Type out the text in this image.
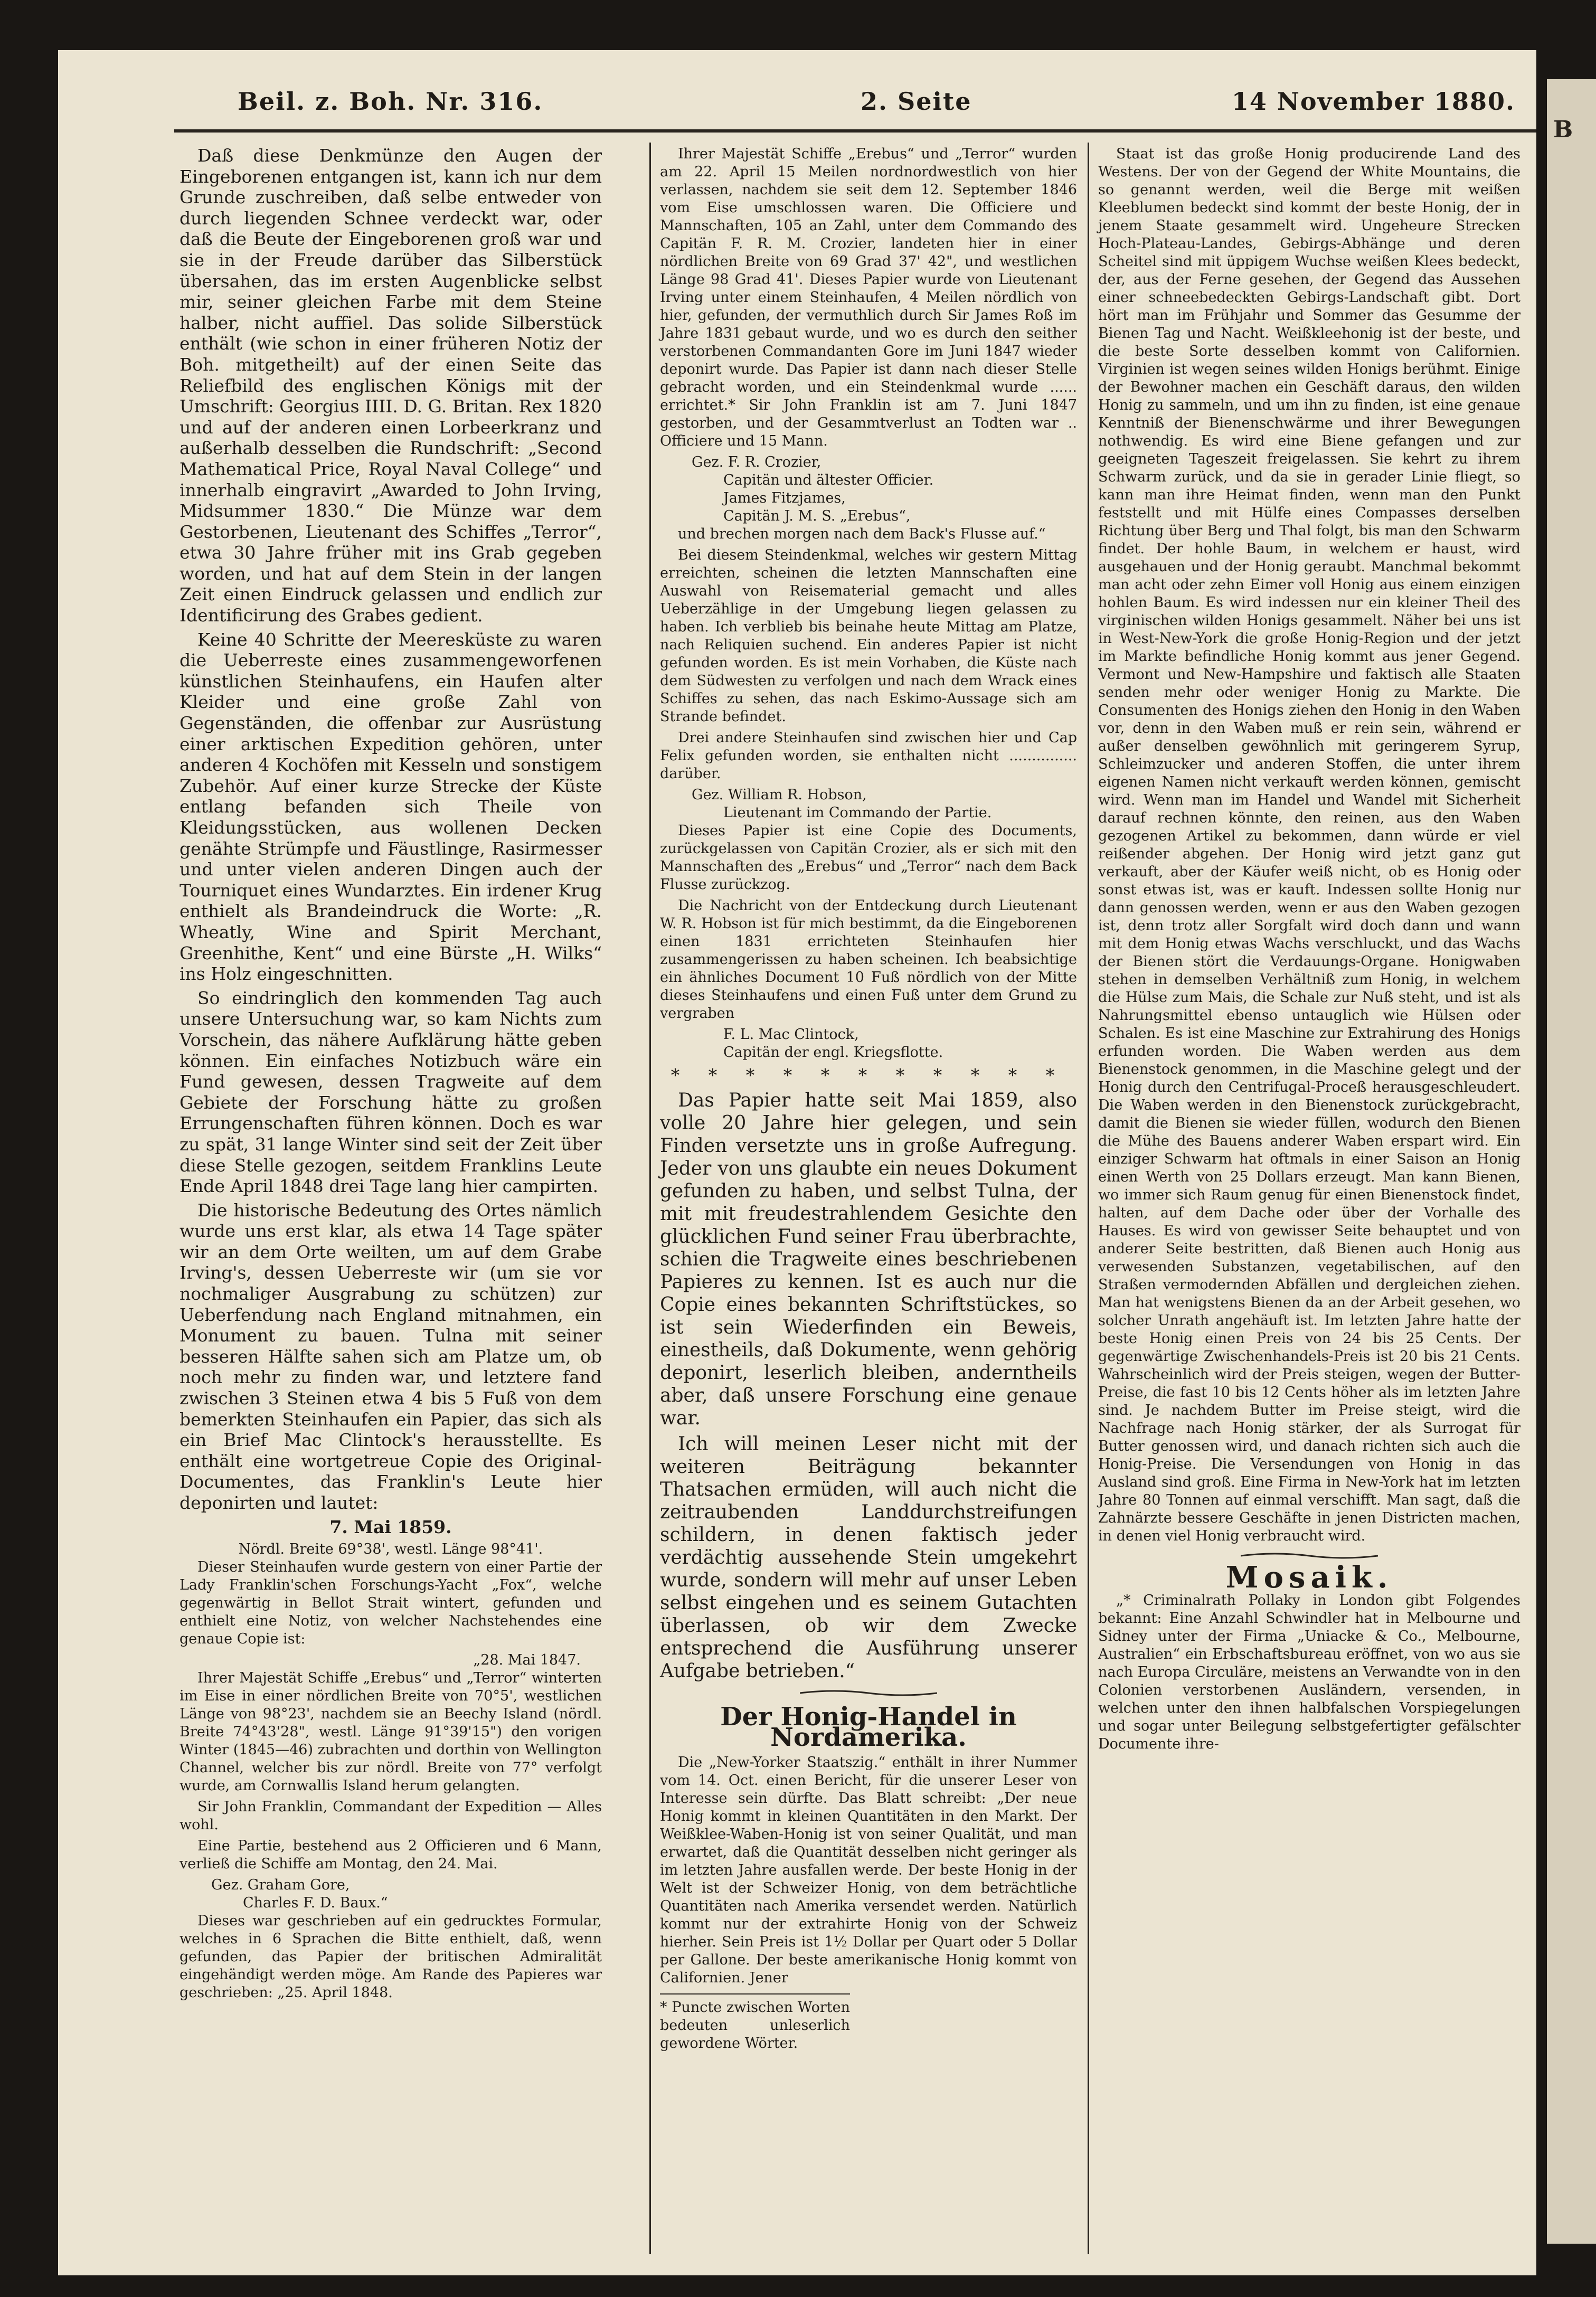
Beil. z. Boh. Nr. 316.	2. Seite	14 November 1880.

Daß diese Denkmünze den Augen der Eingeborenen entgangen ist, kann ich nur dem Grunde zuschreiben, daß selbe entweder von durch liegenden Schnee verdeckt war, oder daß die Beute der Eingeborenen groß war und sie in der Freude darüber das Silberstück übersahen, das im ersten Augenblicke selbst mir, seiner gleichen Farbe mit dem Steine halber, nicht auffiel. Das solide Silberstück enthält (wie schon in einer früheren Notiz der Boh. mitgetheilt) auf der einen Seite das Reliefbild des englischen Königs mit der Umschrift: Georgius IIII. D. G. Britan. Rex 1820 und auf der anderen einen Lorbeerkranz und außerhalb desselben die Rundschrift: „Second Mathematical Price, Royal Naval College“ und innerhalb eingravirt „Awarded to John Irving, Midsummer 1830.“ Die Münze war dem Gestorbenen, Lieutenant des Schiffes „Terror“, etwa 30 Jahre früher mit ins Grab gegeben worden, und hat auf dem Stein in der langen Zeit einen Eindruck gelassen und endlich zur Identificirung des Grabes gedient.

Keine 40 Schritte der Meeresküste zu waren die Ueberreste eines zusammengeworfenen künstlichen Steinhaufens, ein Haufen alter Kleider und eine große Zahl von Gegenständen, die offenbar zur Ausrüstung einer arktischen Expedition gehören, unter anderen 4 Kochöfen mit Kesseln und sonstigem Zubehör. Auf einer kurze Strecke der Küste entlang befanden sich Theile von Kleidungsstücken, aus wollenen Decken genähte Strümpfe und Fäustlinge, Rasirmesser und unter vielen anderen Dingen auch der Tourniquet eines Wundarztes. Ein irdener Krug enthielt als Brandeindruck die Worte: „R. Wheatly, Wine and Spirit Merchant, Greenhithe, Kent“ und eine Bürste „H. Wilks“ ins Holz eingeschnitten.

So eindringlich den kommenden Tag auch unsere Untersuchung war, so kam Nichts zum Vorschein, das nähere Aufklärung hätte geben können. Ein einfaches Notizbuch wäre ein Fund gewesen, dessen Tragweite auf dem Gebiete der Forschung hätte zu großen Errungenschaften führen können. Doch es war zu spät, 31 lange Winter sind seit der Zeit über diese Stelle gezogen, seitdem Franklins Leute Ende April 1848 drei Tage lang hier campirten.

Die historische Bedeutung des Ortes nämlich wurde uns erst klar, als etwa 14 Tage später wir an dem Orte weilten, um auf dem Grabe Irving's, dessen Ueberreste wir (um sie vor nochmaliger Ausgrabung zu schützen) zur Ueberfendung nach England mitnahmen, ein Monument zu bauen. Tulna mit seiner besseren Hälfte sahen sich am Platze um, ob noch mehr zu finden war, und letztere fand zwischen 3 Steinen etwa 4 bis 5 Fuß von dem bemerkten Steinhaufen ein Papier, das sich als ein Brief Mac Clintock's herausstellte. Es enthält eine wortgetreue Copie des Original-Documentes, das Franklin's Leute hier deponirten und lautet:

7. Mai 1859.
Nördl. Breite 69°38', westl. Länge 98°41'.

Dieser Steinhaufen wurde gestern von einer Partie der Lady Franklin'schen Forschungs-Yacht „Fox“, welche gegenwärtig in Bellot Strait wintert, gefunden und enthielt eine Notiz, von welcher Nachstehendes eine genaue Copie ist:

„28. Mai 1847.

Ihrer Majestät Schiffe „Erebus“ und „Terror“ winterten im Eise in einer nördlichen Breite von 70°5', westlichen Länge von 98°23', nachdem sie an Beechy Island (nördl. Breite 74°43'28", westl. Länge 91°39'15") den vorigen Winter (1845—46) zubrachten und dorthin von Wellington Channel, welcher bis zur nördl. Breite von 77° verfolgt wurde, am Cornwallis Island herum gelangten.

Sir John Franklin, Commandant der Expedition — Alles wohl.

Eine Partie, bestehend aus 2 Officieren und 6 Mann, verließ die Schiffe am Montag, den 24. Mai.

Gez. Graham Gore,
Charles F. D. Baux.“

Dieses war geschrieben auf ein gedrucktes Formular, welches in 6 Sprachen die Bitte enthielt, daß, wenn gefunden, das Papier der britischen Admiralität eingehändigt werden möge. Am Rande des Papieres war geschrieben: „25. April 1848.

Ihrer Majestät Schiffe „Erebus“ und „Terror“ wurden am 22. April 15 Meilen nordnordwestlich von hier verlassen, nachdem sie seit dem 12. September 1846 vom Eise umschlossen waren. Die Officiere und Mannschaften, 105 an Zahl, unter dem Commando des Capitän F. R. M. Crozier, landeten hier in einer nördlichen Breite von 69 Grad 37' 42", und westlichen Länge 98 Grad 41'. Dieses Papier wurde von Lieutenant Irving unter einem Steinhaufen, 4 Meilen nördlich von hier, gefunden, der vermuthlich durch Sir James Roß im Jahre 1831 gebaut wurde, und wo es durch den seither verstorbenen Commandanten Gore im Juni 1847 wieder deponirt wurde. Das Papier ist dann nach dieser Stelle gebracht worden, und ein Steindenkmal wurde ...... errichtet.* Sir John Franklin ist am 7. Juni 1847 gestorben, und der Gesammtverlust an Todten war .. Officiere und 15 Mann.

Gez. F. R. Crozier,
Capitän und ältester Officier.
James Fitzjames,
Capitän J. M. S. „Erebus“,

und brechen morgen nach dem Back's Flusse auf.“

Bei diesem Steindenkmal, welches wir gestern Mittag erreichten, scheinen die letzten Mannschaften eine Auswahl von Reisematerial gemacht und alles Ueberzählige in der Umgebung liegen gelassen zu haben. Ich verblieb bis beinahe heute Mittag am Platze, nach Reliquien suchend. Ein anderes Papier ist nicht gefunden worden. Es ist mein Vorhaben, die Küste nach dem Südwesten zu verfolgen und nach dem Wrack eines Schiffes zu sehen, das nach Eskimo-Aussage sich am Strande befindet.

Drei andere Steinhaufen sind zwischen hier und Cap Felix gefunden worden, sie enthalten nicht ............... darüber.

Gez. William R. Hobson,
Lieutenant im Commando der Partie.

Dieses Papier ist eine Copie des Documents, zurückgelassen von Capitän Crozier, als er sich mit den Mannschaften des „Erebus“ und „Terror“ nach dem Back Flusse zurückzog.

Die Nachricht von der Entdeckung durch Lieutenant W. R. Hobson ist für mich bestimmt, da die Eingeborenen einen 1831 errichteten Steinhaufen hier zusammengerissen zu haben scheinen. Ich beabsichtige ein ähnliches Document 10 Fuß nördlich von der Mitte dieses Steinhaufens und einen Fuß unter dem Grund zu vergraben

F. L. Mac Clintock,
Capitän der engl. Kriegsflotte.
* * * * * * * * * * *

Das Papier hatte seit Mai 1859, also volle 20 Jahre hier gelegen, und sein Finden versetzte uns in große Aufregung. Jeder von uns glaubte ein neues Dokument gefunden zu haben, und selbst Tulna, der mit mit freudestrahlendem Gesichte den glücklichen Fund seiner Frau überbrachte, schien die Tragweite eines beschriebenen Papieres zu kennen. Ist es auch nur die Copie eines bekannten Schriftstückes, so ist sein Wiederfinden ein Beweis, einestheils, daß Dokumente, wenn gehörig deponirt, leserlich bleiben, anderntheils aber, daß unsere Forschung eine genaue war.

Ich will meinen Leser nicht mit der weiteren Beiträgung bekannter Thatsachen ermüden, will auch nicht die zeitraubenden Landdurchstreifungen schildern, in denen faktisch jeder verdächtig aussehende Stein umgekehrt wurde, sondern will mehr auf unser Leben selbst eingehen und es seinem Gutachten überlassen, ob wir dem Zwecke entsprechend die Ausführung unserer Aufgabe betrieben.“

Der Honig-Handel in Nordamerika.

Die „New-Yorker Staatszig.“ enthält in ihrer Nummer vom 14. Oct. einen Bericht, für die unserer Leser von Interesse sein dürfte. Das Blatt schreibt: „Der neue Honig kommt in kleinen Quantitäten in den Markt. Der Weißklee-Waben-Honig ist von seiner Qualität, und man erwartet, daß die Quantität desselben nicht geringer als im letzten Jahre ausfallen werde. Der beste Honig in der Welt ist der Schweizer Honig, von dem beträchtliche Quantitäten nach Amerika versendet werden. Natürlich kommt nur der extrahirte Honig von der Schweiz hierher. Sein Preis ist 1½ Dollar per Quart oder 5 Dollar per Gallone. Der beste amerikanische Honig kommt von Californien. Jener

* Puncte zwischen Worten bedeuten unleserlich gewordene Wörter.

Staat ist das große Honig producirende Land des Westens. Der von der Gegend der White Mountains, die so genannt werden, weil die Berge mit weißen Kleeblumen bedeckt sind kommt der beste Honig, der in jenem Staate gesammelt wird. Ungeheure Strecken Hoch-Plateau-Landes, Gebirgs-Abhänge und deren Scheitel sind mit üppigem Wuchse weißen Klees bedeckt, der, aus der Ferne gesehen, der Gegend das Aussehen einer schneebedeckten Gebirgs-Landschaft gibt. Dort hört man im Frühjahr und Sommer das Gesumme der Bienen Tag und Nacht. Weißkleehonig ist der beste, und die beste Sorte desselben kommt von Californien. Virginien ist wegen seines wilden Honigs berühmt. Einige der Bewohner machen ein Geschäft daraus, den wilden Honig zu sammeln, und um ihn zu finden, ist eine genaue Kenntniß der Bienenschwärme und ihrer Bewegungen nothwendig. Es wird eine Biene gefangen und zur geeigneten Tageszeit freigelassen. Sie kehrt zu ihrem Schwarm zurück, und da sie in gerader Linie fliegt, so kann man ihre Heimat finden, wenn man den Punkt feststellt und mit Hülfe eines Compasses derselben Richtung über Berg und Thal folgt, bis man den Schwarm findet. Der hohle Baum, in welchem er haust, wird ausgehauen und der Honig geraubt. Manchmal bekommt man acht oder zehn Eimer voll Honig aus einem einzigen hohlen Baum. Es wird indessen nur ein kleiner Theil des virginischen wilden Honigs gesammelt. Näher bei uns ist in West-New-York die große Honig-Region und der jetzt im Markte befindliche Honig kommt aus jener Gegend. Vermont und New-Hampshire und faktisch alle Staaten senden mehr oder weniger Honig zu Markte. Die Consumenten des Honigs ziehen den Honig in den Waben vor, denn in den Waben muß er rein sein, während er außer denselben gewöhnlich mit geringerem Syrup, Schleimzucker und anderen Stoffen, die unter ihrem eigenen Namen nicht verkauft werden können, gemischt wird. Wenn man im Handel und Wandel mit Sicherheit darauf rechnen könnte, den reinen, aus den Waben gezogenen Artikel zu bekommen, dann würde er viel reißender abgehen. Der Honig wird jetzt ganz gut verkauft, aber der Käufer weiß nicht, ob es Honig oder sonst etwas ist, was er kauft. Indessen sollte Honig nur dann genossen werden, wenn er aus den Waben gezogen ist, denn trotz aller Sorgfalt wird doch dann und wann mit dem Honig etwas Wachs verschluckt, und das Wachs der Bienen stört die Verdauungs-Organe. Honigwaben stehen in demselben Verhältniß zum Honig, in welchem die Hülse zum Mais, die Schale zur Nuß steht, und ist als Nahrungsmittel ebenso untauglich wie Hülsen oder Schalen. Es ist eine Maschine zur Extrahirung des Honigs erfunden worden. Die Waben werden aus dem Bienenstock genommen, in die Maschine gelegt und der Honig durch den Centrifugal-Proceß herausgeschleudert. Die Waben werden in den Bienenstock zurückgebracht, damit die Bienen sie wieder füllen, wodurch den Bienen die Mühe des Bauens anderer Waben erspart wird. Ein einziger Schwarm hat oftmals in einer Saison an Honig einen Werth von 25 Dollars erzeugt. Man kann Bienen, wo immer sich Raum genug für einen Bienenstock findet, halten, auf dem Dache oder über der Vorhalle des Hauses. Es wird von gewisser Seite behauptet und von anderer Seite bestritten, daß Bienen auch Honig aus verwesenden Substanzen, vegetabilischen, auf den Straßen vermodernden Abfällen und dergleichen ziehen. Man hat wenigstens Bienen da an der Arbeit gesehen, wo solcher Unrath angehäuft ist. Im letzten Jahre hatte der beste Honig einen Preis von 24 bis 25 Cents. Der gegenwärtige Zwischenhandels-Preis ist 20 bis 21 Cents. Wahrscheinlich wird der Preis steigen, wegen der Butter-Preise, die fast 10 bis 12 Cents höher als im letzten Jahre sind. Je nachdem Butter im Preise steigt, wird die Nachfrage nach Honig stärker, der als Surrogat für Butter genossen wird, und danach richten sich auch die Honig-Preise. Die Versendungen von Honig in das Ausland sind groß. Eine Firma in New-York hat im letzten Jahre 80 Tonnen auf einmal verschifft. Man sagt, daß die Zahnärzte bessere Geschäfte in jenen Districten machen, in denen viel Honig verbraucht wird.

Mosaik.

„* Criminalrath Pollaky in London gibt Folgendes bekannt: Eine Anzahl Schwindler hat in Melbourne und Sidney unter der Firma „Uniacke & Co., Melbourne, Australien“ ein Erbschaftsbureau eröffnet, von wo aus sie nach Europa Circuläre, meistens an Verwandte von in den Colonien verstorbenen Ausländern, versenden, in welchen unter den ihnen halbfalschen Vorspiegelungen und sogar unter Beilegung selbstgefertigter gefälschter Documente ihre-

B
